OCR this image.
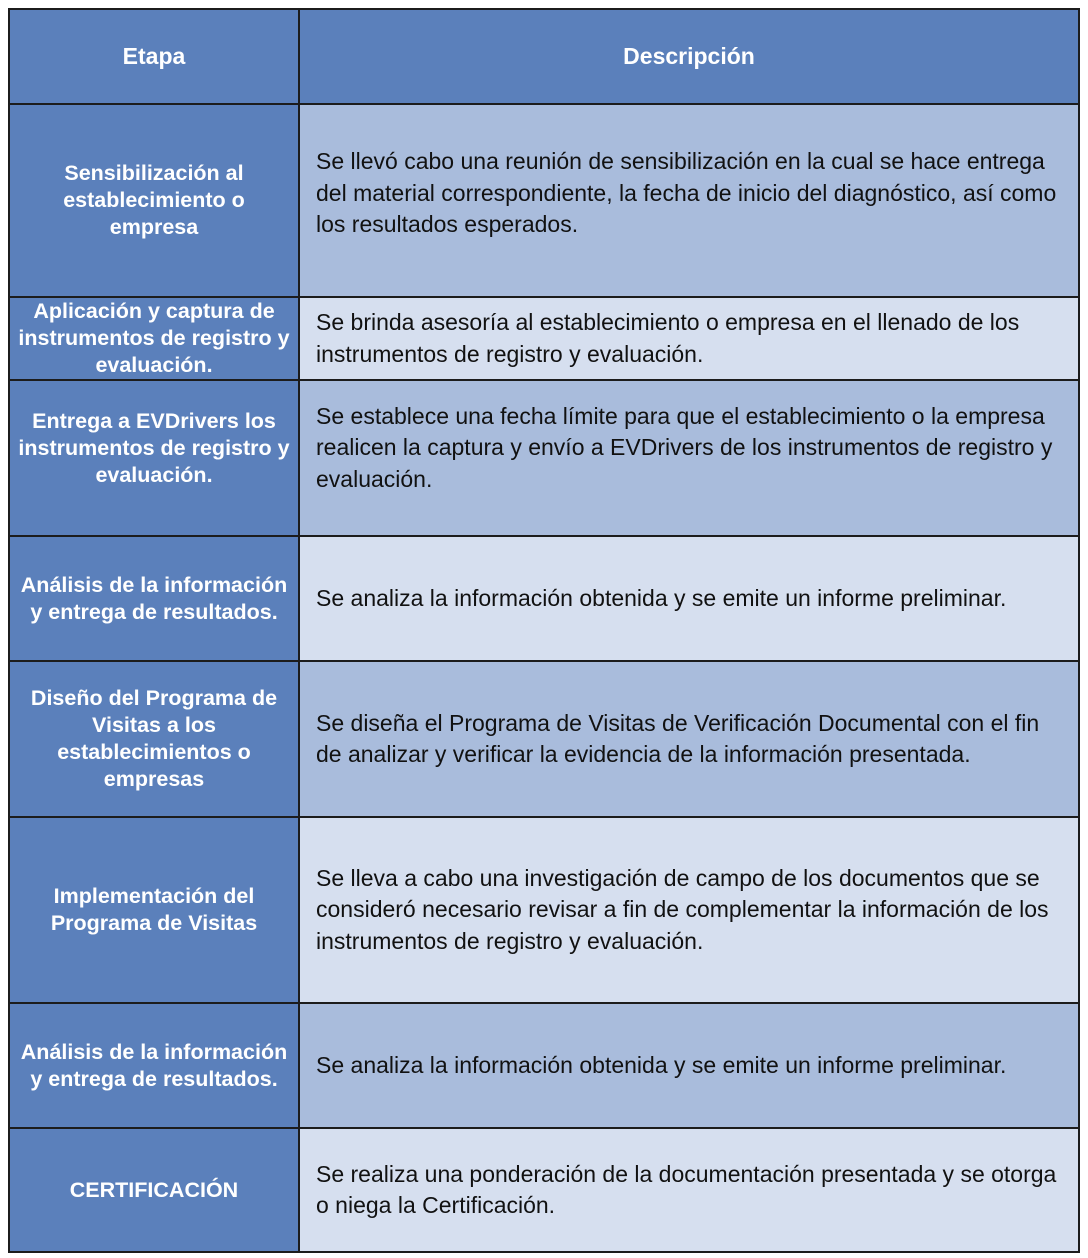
Etapa	Descripción
Sensibilización al establecimiento o empresa	Se llevó cabo una reunión de sensibilización en la cual se hace entrega del material correspondiente, la fecha de inicio del diagnóstico, así como los resultados esperados.
Aplicación y captura de instrumentos de registro y evaluación.	Se brinda asesoría al establecimiento o empresa en el llenado de los instrumentos de registro y evaluación.
Entrega a EVDrivers los instrumentos de registro y evaluación.	Se establece una fecha límite para que el establecimiento o la empresa realicen la captura y envío a EVDrivers de los instrumentos de registro y evaluación.
Análisis de la información y entrega de resultados.	Se analiza la información obtenida y se emite un informe preliminar.
Diseño del Programa de Visitas a los establecimientos o empresas	Se diseña el Programa de Visitas de Verificación Documental con el fin de analizar y verificar la evidencia de la información presentada.
Implementación del Programa de Visitas	Se lleva a cabo una investigación de campo de los documentos que se consideró necesario revisar a fin de complementar la información de los instrumentos de registro y evaluación.
Análisis de la información y entrega de resultados.	Se analiza la información obtenida y se emite un informe preliminar.
CERTIFICACIÓN	Se realiza una ponderación de la documentación presentada y se otorga o niega la Certificación.
